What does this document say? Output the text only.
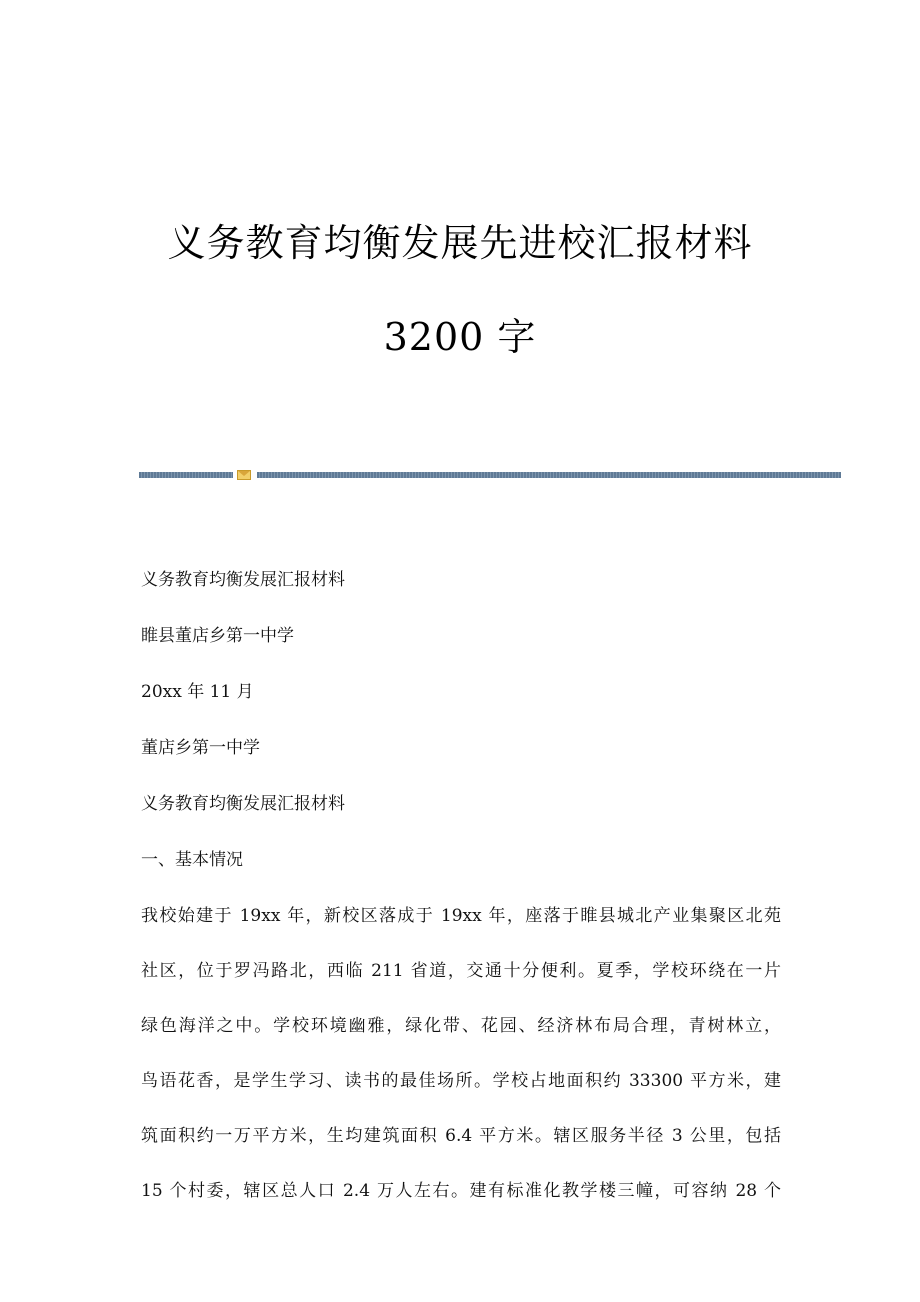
义务教育均衡发展先进校汇报材料
3200 字
义务教育均衡发展汇报材料
睢县董店乡第一中学
20xx 年 11 月
董店乡第一中学
义务教育均衡发展汇报材料
一、基本情况
我校始建于 19xx 年，新校区落成于 19xx 年，座落于睢县城北产业集聚区北苑
社区，位于罗冯路北，西临 211 省道，交通十分便利。夏季，学校环绕在一片
绿色海洋之中。学校环境幽雅，绿化带、花园、经济林布局合理，青树林立，
鸟语花香，是学生学习、读书的最佳场所。学校占地面积约 33300 平方米，建
筑面积约一万平方米，生均建筑面积 6.4 平方米。辖区服务半径 3 公里，包括
15 个村委，辖区总人口 2.4 万人左右。建有标准化教学楼三幢，可容纳 28 个
